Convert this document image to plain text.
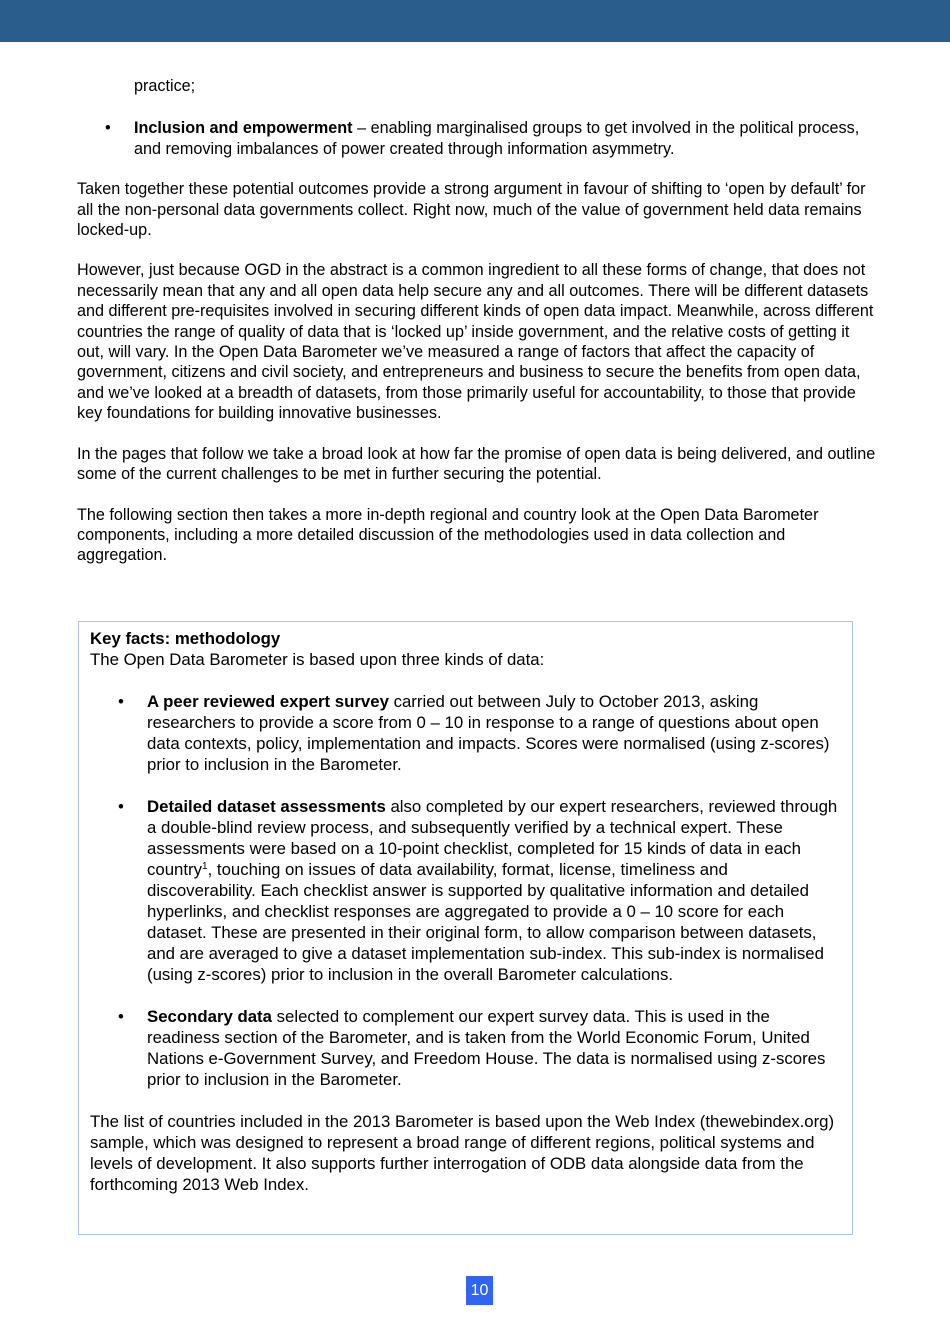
practice;

• Inclusion and empowerment – enabling marginalised groups to get involved in the political process, and removing imbalances of power created through information asymmetry.

Taken together these potential outcomes provide a strong argument in favour of shifting to ‘open by default’ for all the non-personal data governments collect. Right now, much of the value of government held data remains locked-up.

However, just because OGD in the abstract is a common ingredient to all these forms of change, that does not necessarily mean that any and all open data help secure any and all outcomes. There will be different datasets and different pre-requisites involved in securing different kinds of open data impact. Meanwhile, across different countries the range of quality of data that is ‘locked up’ inside government, and the relative costs of getting it out, will vary. In the Open Data Barometer we’ve measured a range of factors that affect the capacity of government, citizens and civil society, and entrepreneurs and business to secure the benefits from open data, and we’ve looked at a breadth of datasets, from those primarily useful for accountability, to those that provide key foundations for building innovative businesses.

In the pages that follow we take a broad look at how far the promise of open data is being delivered, and outline some of the current challenges to be met in further securing the potential.

The following section then takes a more in-depth regional and country look at the Open Data Barometer components, including a more detailed discussion of the methodologies used in data collection and aggregation.

Key facts: methodology
The Open Data Barometer is based upon three kinds of data:
• A peer reviewed expert survey carried out between July to October 2013, asking researchers to provide a score from 0 – 10 in response to a range of questions about open data contexts, policy, implementation and impacts. Scores were normalised (using z-scores) prior to inclusion in the Barometer.
• Detailed dataset assessments also completed by our expert researchers, reviewed through a double-blind review process, and subsequently verified by a technical expert. These assessments were based on a 10-point checklist, completed for 15 kinds of data in each country$^1$, touching on issues of data availability, format, license, timeliness and discoverability. Each checklist answer is supported by qualitative information and detailed hyperlinks, and checklist responses are aggregated to provide a 0 – 10 score for each dataset. These are presented in their original form, to allow comparison between datasets, and are averaged to give a dataset implementation sub-index. This sub-index is normalised (using z-scores) prior to inclusion in the overall Barometer calculations.
• Secondary data selected to complement our expert survey data. This is used in the readiness section of the Barometer, and is taken from the World Economic Forum, United Nations e-Government Survey, and Freedom House. The data is normalised using z-scores prior to inclusion in the Barometer.
The list of countries included in the 2013 Barometer is based upon the Web Index (thewebindex.org) sample, which was designed to represent a broad range of different regions, political systems and levels of development. It also supports further interrogation of ODB data alongside data from the forthcoming 2013 Web Index.
10
